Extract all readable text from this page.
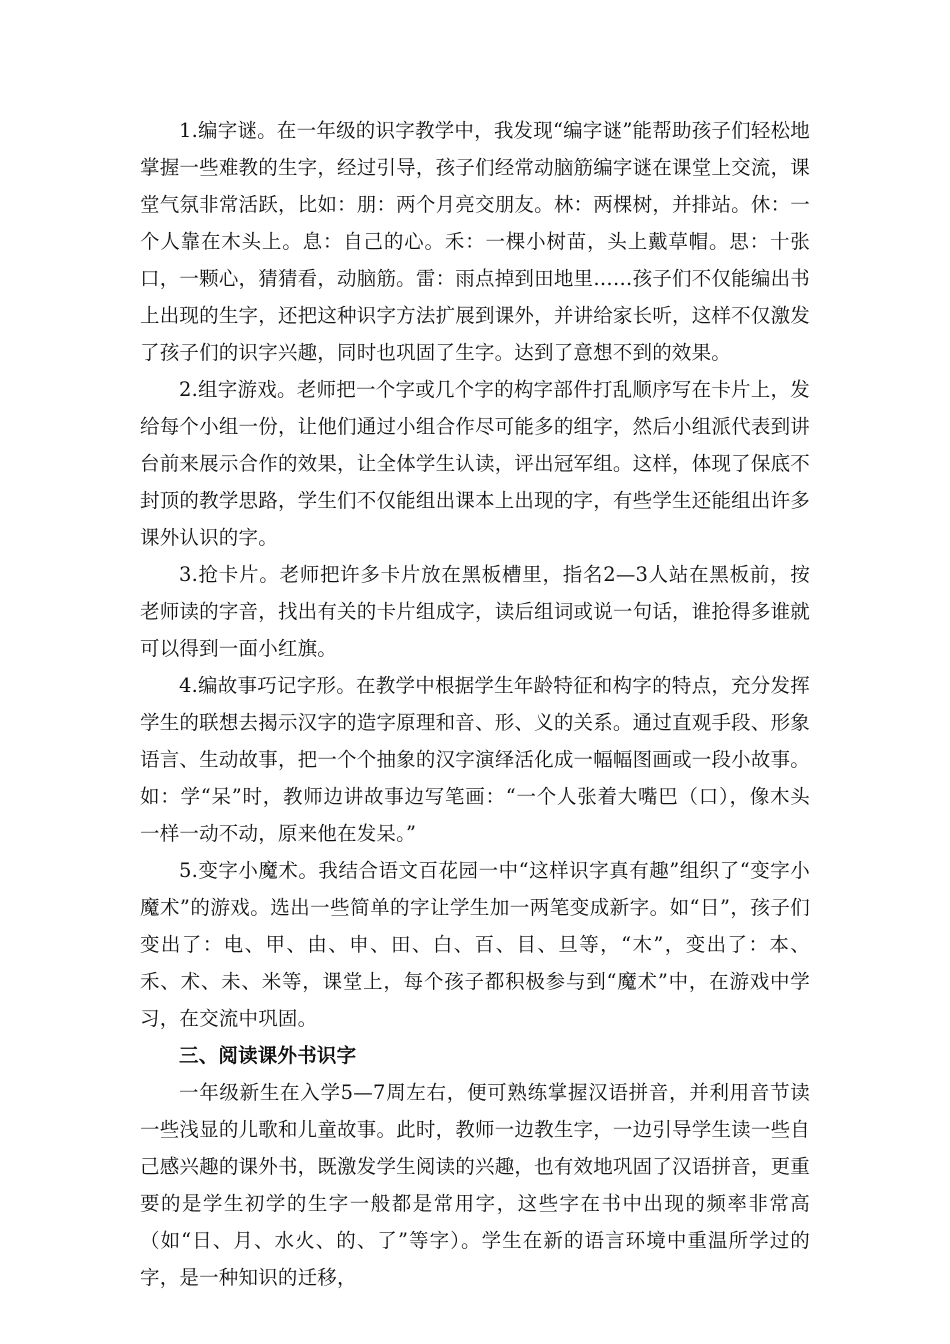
1.编字谜。在一年级的识字教学中，我发现“编字谜”能帮助孩子们轻松地掌握一些难教的生字，经过引导，孩子们经常动脑筋编字谜在课堂上交流，课堂气氛非常活跃，比如：朋：两个月亮交朋友。林：两棵树，并排站。休：一个人靠在木头上。息：自己的心。禾：一棵小树苗，头上戴草帽。思：十张口，一颗心，猜猜看，动脑筋。雷：雨点掉到田地里……孩子们不仅能编出书上出现的生字，还把这种识字方法扩展到课外，并讲给家长听，这样不仅激发了孩子们的识字兴趣，同时也巩固了生字。达到了意想不到的效果。

2.组字游戏。老师把一个字或几个字的构字部件打乱顺序写在卡片上，发给每个小组一份，让他们通过小组合作尽可能多的组字，然后小组派代表到讲台前来展示合作的效果，让全体学生认读，评出冠军组。这样，体现了保底不封顶的教学思路，学生们不仅能组出课本上出现的字，有些学生还能组出许多课外认识的字。

3.抢卡片。老师把许多卡片放在黑板槽里，指名2—3人站在黑板前，按老师读的字音，找出有关的卡片组成字，读后组词或说一句话，谁抢得多谁就可以得到一面小红旗。

4.编故事巧记字形。在教学中根据学生年龄特征和构字的特点，充分发挥学生的联想去揭示汉字的造字原理和音、形、义的关系。通过直观手段、形象语言、生动故事，把一个个抽象的汉字演绎活化成一幅幅图画或一段小故事。如：学“呆”时，教师边讲故事边写笔画：“一个人张着大嘴巴（口），像木头一样一动不动，原来他在发呆。”

5.变字小魔术。我结合语文百花园一中“这样识字真有趣”组织了“变字小魔术”的游戏。选出一些简单的字让学生加一两笔变成新字。如“日”，孩子们变出了：电、甲、由、申、田、白、百、目、旦等，“木”，变出了：本、禾、术、未、米等，课堂上，每个孩子都积极参与到“魔术”中，在游戏中学习，在交流中巩固。

三、阅读课外书识字

一年级新生在入学5—7周左右，便可熟练掌握汉语拼音，并利用音节读一些浅显的儿歌和儿童故事。此时，教师一边教生字，一边引导学生读一些自己感兴趣的课外书，既激发学生阅读的兴趣，也有效地巩固了汉语拼音，更重要的是学生初学的生字一般都是常用字，这些字在书中出现的频率非常高（如“日、月、水火、的、了”等字）。学生在新的语言环境中重温所学过的字，是一种知识的迁移，
